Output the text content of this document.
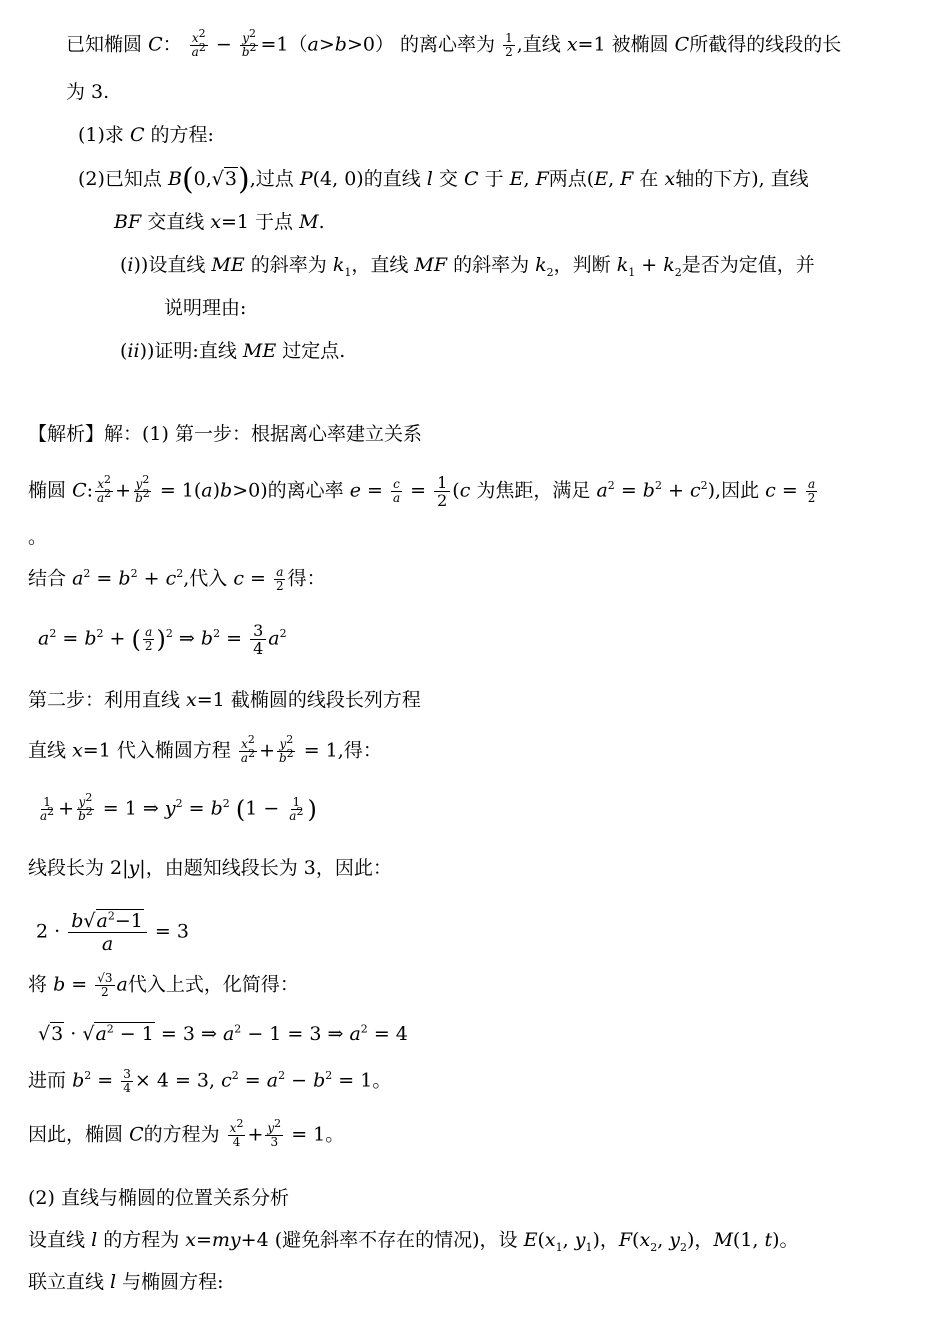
已知椭圆 C： $\frac{x^2}{a^2} - \frac{y^2}{b^2} =1(a>b>0)$ 的离心率为 $\frac{1}{2}$ ,直线 x=1 被椭圆 C所截得的线段的长
为 3.
(1)求 C 的方程:
(2)已知点 B(0,√3),过点 P(4, 0)的直线 l 交 C 于 E, F两点(E, F 在 x轴的下方), 直线
BF 交直线 x=1 于点 M.
(i))设直线 ME 的斜率为 $k_1$，直线 MF 的斜率为 $k_2$，判断 $k_1 + k_2$是否为定值，并
说明理由:
(ii))证明:直线 ME 过定点.
【解析】解：(1) 第一步：根据离心率建立关系
椭圆 C: $\frac{x^2}{a^2} + \frac{y^2}{b^2} = 1(a)b>0$)的离心率 $e = \frac{c}{a} = \frac{1}{2} (c$ 为焦距，满足 $a^2 = b^2 + c^2$),因此 $c = \frac{a}{2}$
。
结合 $a^2 = b^2 + c^2$,代入 $c = \frac{a}{2}$ 得：
$a^2 = b^2$ + ( $\frac{a}{2} )^2$ ⇒ $b^2 = \frac{3}{4} a^2$
第二步：利用直线 x=1 截椭圆的线段长列方程
直线 x=1 代入椭圆方程 $\frac{x^2}{a^2} + \frac{y^2}{b^2} = 1$,得：
$\frac{1}{a^2} + \frac{y^2}{b^2} = 1$ ⇒ $y^2 = b^2$ ($1 - \frac{1}{a^2}$ )
线段长为 2|y|，由题知线段长为 3，因此：
$2 \cdot \frac{b√a^2-1}{a} = 3$
将 $b = \frac{√3}{2}$ a代入上式，化简得：
$√3 \cdot √a^2 - 1 = 3$ ⇒ $a^2 - 1 = 3$ ⇒ $a^2 = 4$
进而 $b^2 = \frac{3}{4} \times 4 = 3$, $c^2 = a^2 - b^2 = 1$。
因此，椭圆 C的方程为 $\frac{x^2}{4} + \frac{y^2}{3} = 1$。
(2) 直线与椭圆的位置关系分析
设直线 l 的方程为 x=my+4 (避免斜率不存在的情况)，设 $E(x_1$, $y_1$)，$F(x_2$, $y_2$)，M(1, t)。
联立直线 l 与椭圆方程:
